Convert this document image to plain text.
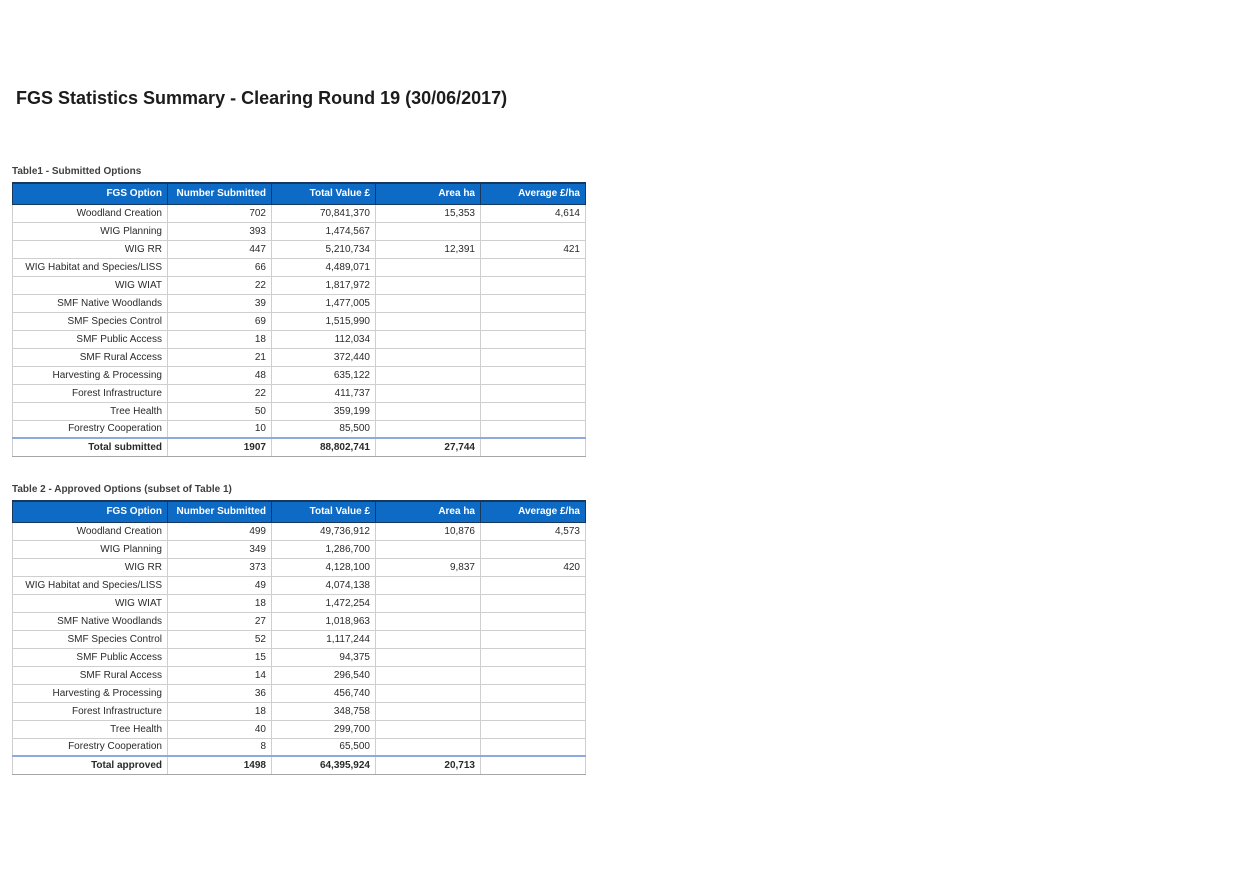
FGS Statistics Summary - Clearing Round 19 (30/06/2017)
Table1 - Submitted Options
FGS Option	Number Submitted	Total Value £	Area ha	Average £/ha
Woodland Creation	702	70,841,370	15,353	4,614
WIG Planning	393	1,474,567		
WIG RR	447	5,210,734	12,391	421
WIG Habitat and Species/LISS	66	4,489,071		
WIG WIAT	22	1,817,972		
SMF Native Woodlands	39	1,477,005		
SMF Species Control	69	1,515,990		
SMF Public Access	18	112,034		
SMF Rural Access	21	372,440		
Harvesting & Processing	48	635,122		
Forest Infrastructure	22	411,737		
Tree Health	50	359,199		
Forestry Cooperation	10	85,500		
Total submitted	1907	88,802,741	27,744	
Table 2 - Approved Options (subset of Table 1)
FGS Option	Number Submitted	Total Value £	Area ha	Average £/ha
Woodland Creation	499	49,736,912	10,876	4,573
WIG Planning	349	1,286,700		
WIG RR	373	4,128,100	9,837	420
WIG Habitat and Species/LISS	49	4,074,138		
WIG WIAT	18	1,472,254		
SMF Native Woodlands	27	1,018,963		
SMF Species Control	52	1,117,244		
SMF Public Access	15	94,375		
SMF Rural Access	14	296,540		
Harvesting & Processing	36	456,740		
Forest Infrastructure	18	348,758		
Tree Health	40	299,700		
Forestry Cooperation	8	65,500		
Total approved	1498	64,395,924	20,713	
